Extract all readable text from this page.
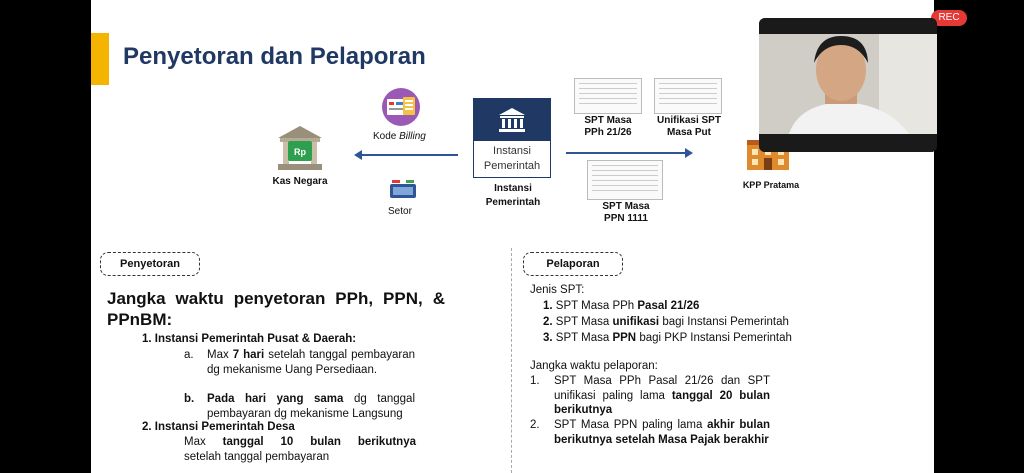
Penyetoran dan Pelaporan
Rp
Kas Negara
Kode Billing
Setor
Instansi
Pemerintah
Instansi
Pemerintah
SPT Masa
PPh 21/26
Unifikasi SPT
Masa Put
SPT Masa
PPN 1111
KPP Pratama
Penyetoran
Jangka waktu penyetoran PPh, PPN, & PPnBM:
1. Instansi Pemerintah Pusat & Daerah:
a. Max 7 hari setelah tanggal pembayaran dg mekanisme Uang Persediaan.
b. Pada hari yang sama dg tanggal pembayaran dg mekanisme Langsung
2. Instansi Pemerintah Desa
Max tanggal 10 bulan berikutnya
setelah tanggal pembayaran
Pelaporan
Jenis SPT:
1. SPT Masa PPh Pasal 21/26
2. SPT Masa unifikasi bagi Instansi Pemerintah
3. SPT Masa PPN bagi PKP Instansi Pemerintah
Jangka waktu pelaporan:
1. SPT Masa PPh Pasal 21/26 dan SPT unifikasi paling lama tanggal 20 bulan berikutnya
2. SPT Masa PPN paling lama akhir bulan berikutnya setelah Masa Pajak berakhir
REC
